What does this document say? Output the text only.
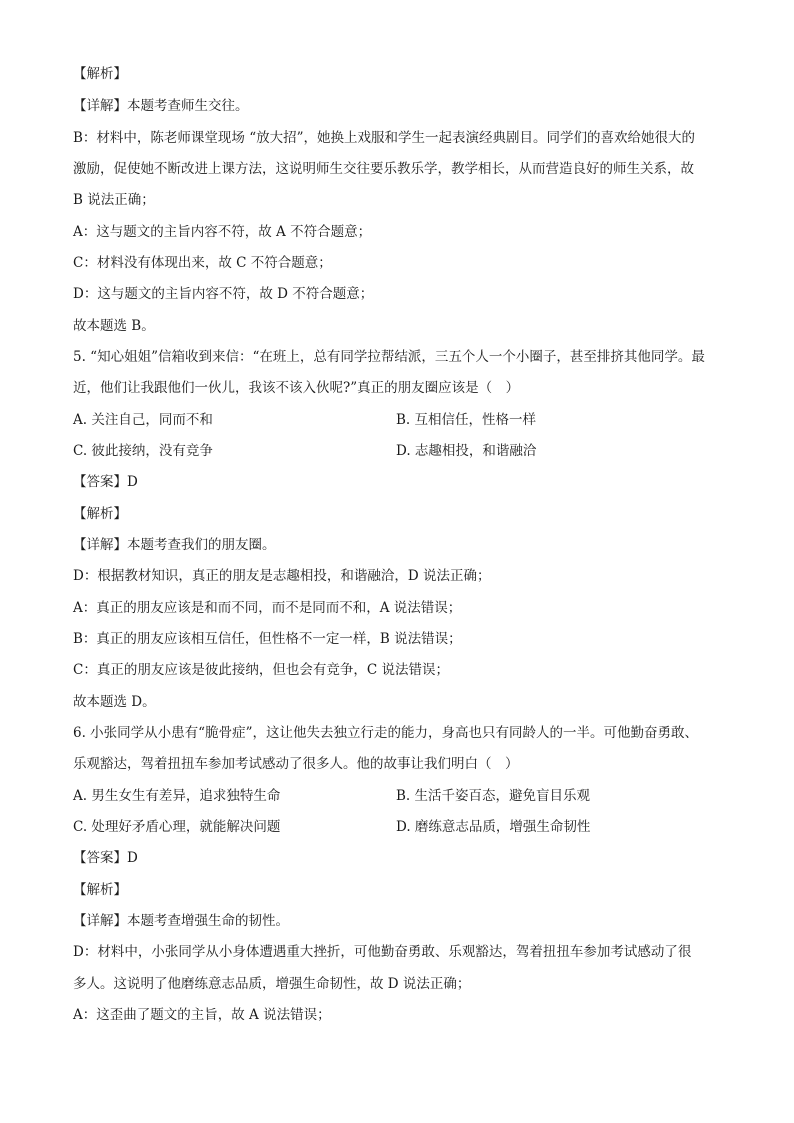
【解析】
【详解】本题考查师生交往。
B：材料中，陈老师课堂现场 “放大招”，她换上戏服和学生一起表演经典剧目。同学们的喜欢给她很大的
激励，促使她不断改进上课方法，这说明师生交往要乐教乐学，教学相长，从而营造良好的师生关系，故
B 说法正确；
A：这与题文的主旨内容不符，故 A 不符合题意；
C：材料没有体现出来，故 C 不符合题意；
D：这与题文的主旨内容不符，故 D 不符合题意；
故本题选 B。
5. “知心姐姐”信箱收到来信：“在班上，总有同学拉帮结派，三五个人一个小圈子，甚至排挤其他同学。最
近，他们让我跟他们一伙儿，我该不该入伙呢?”真正的朋友圈应该是（　）
A. 关注自己，同而不和	B. 互相信任，性格一样
C. 彼此接纳，没有竞争	D. 志趣相投，和谐融洽
【答案】D
【解析】
【详解】本题考查我们的朋友圈。
D：根据教材知识，真正的朋友是志趣相投，和谐融洽，D 说法正确；
A：真正的朋友应该是和而不同，而不是同而不和，A 说法错误；
B：真正的朋友应该相互信任，但性格不一定一样，B 说法错误；
C：真正的朋友应该是彼此接纳，但也会有竞争，C 说法错误；
故本题选 D。
6. 小张同学从小患有“脆骨症”，这让他失去独立行走的能力，身高也只有同龄人的一半。可他勤奋勇敢、
乐观豁达，驾着扭扭车参加考试感动了很多人。他的故事让我们明白（　）
A. 男生女生有差异，追求独特生命	B. 生活千姿百态，避免盲目乐观
C. 处理好矛盾心理，就能解决问题	D. 磨练意志品质，增强生命韧性
【答案】D
【解析】
【详解】本题考查增强生命的韧性。
D：材料中，小张同学从小身体遭遇重大挫折，可他勤奋勇敢、乐观豁达，驾着扭扭车参加考试感动了很
多人。这说明了他磨练意志品质，增强生命韧性，故 D 说法正确；
A：这歪曲了题文的主旨，故 A 说法错误；
